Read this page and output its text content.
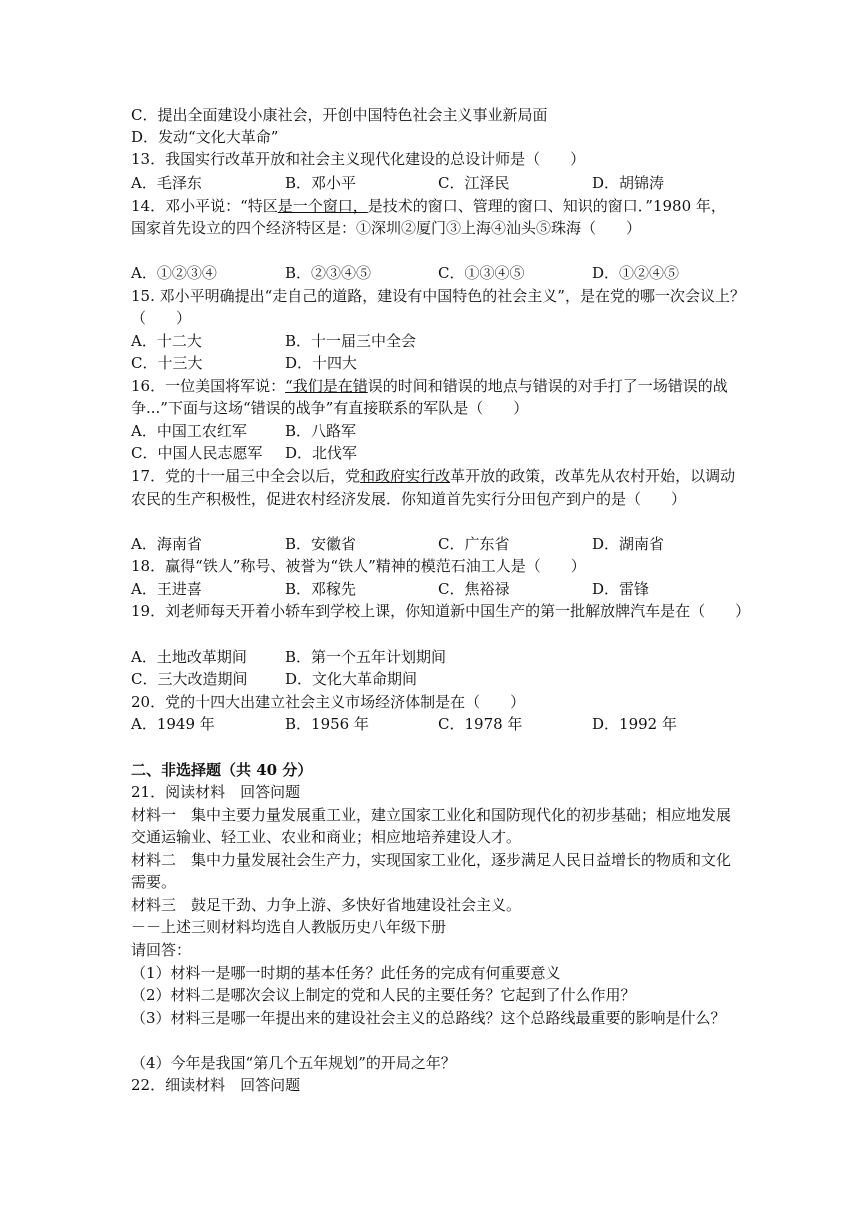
C．提出全面建设小康社会，开创中国特色社会主义事业新局面
D．发动“文化大革命”
13．我国实行改革开放和社会主义现代化建设的总设计师是（　　）
A．毛泽东	B．邓小平	C．江泽民	D．胡锦涛
14．邓小平说：“特区是一个窗口，是技术的窗口、管理的窗口、知识的窗口．”1980 年，
国家首先设立的四个经济特区是：①深圳②厦门③上海④汕头⑤珠海（　　）
A．①②③④	B．②③④⑤	C．①③④⑤	D．①②④⑤
15. 邓小平明确提出“走自己的道路，建设有中国特色的社会主义”，是在党的哪一次会议上？
（　　）
A．十二大	B．十一届三中全会
C．十三大	D．十四大
16．一位美国将军说：“我们是在错误的时间和错误的地点与错误的对手打了一场错误的战
争...”下面与这场“错误的战争”有直接联系的军队是（　　）
A．中国工农红军	B．八路军
C．中国人民志愿军 D．北伐军
17．党的十一届三中全会以后，党和政府实行改革开放的政策，改革先从农村开始，以调动
农民的生产积极性，促进农村经济发展．你知道首先实行分田包产到户的是（　　）
A．海南省	B．安徽省	C．广东省	D．湖南省
18．赢得“铁人”称号、被誉为“铁人”精神的模范石油工人是（　　）
A．王进喜	B．邓稼先	C．焦裕禄	D．雷锋
19．刘老师每天开着小轿车到学校上课，你知道新中国生产的第一批解放牌汽车是在（　　）
A．土地改革期间	B．第一个五年计划期间
C．三大改造期间	D．文化大革命期间
20．党的十四大出建立社会主义市场经济体制是在（　　）
A．1949 年	B．1956 年	C．1978 年	D．1992 年
二、非选择题（共 40 分）
21．阅读材料　回答问题
材料一　集中主要力量发展重工业，建立国家工业化和国防现代化的初步基础；相应地发展
交通运输业、轻工业、农业和商业；相应地培养建设人才。
材料二　集中力量发展社会生产力，实现国家工业化，逐步满足人民日益增长的物质和文化
需要。
材料三　鼓足干劲、力争上游、多快好省地建设社会主义。
－－上述三则材料均选自人教版历史八年级下册
请回答：
（1）材料一是哪一时期的基本任务？此任务的完成有何重要意义
（2）材料二是哪次会议上制定的党和人民的主要任务？它起到了什么作用？
（3）材料三是哪一年提出来的建设社会主义的总路线？这个总路线最重要的影响是什么？
（4）今年是我国“第几个五年规划”的开局之年？
22．细读材料　回答问题
